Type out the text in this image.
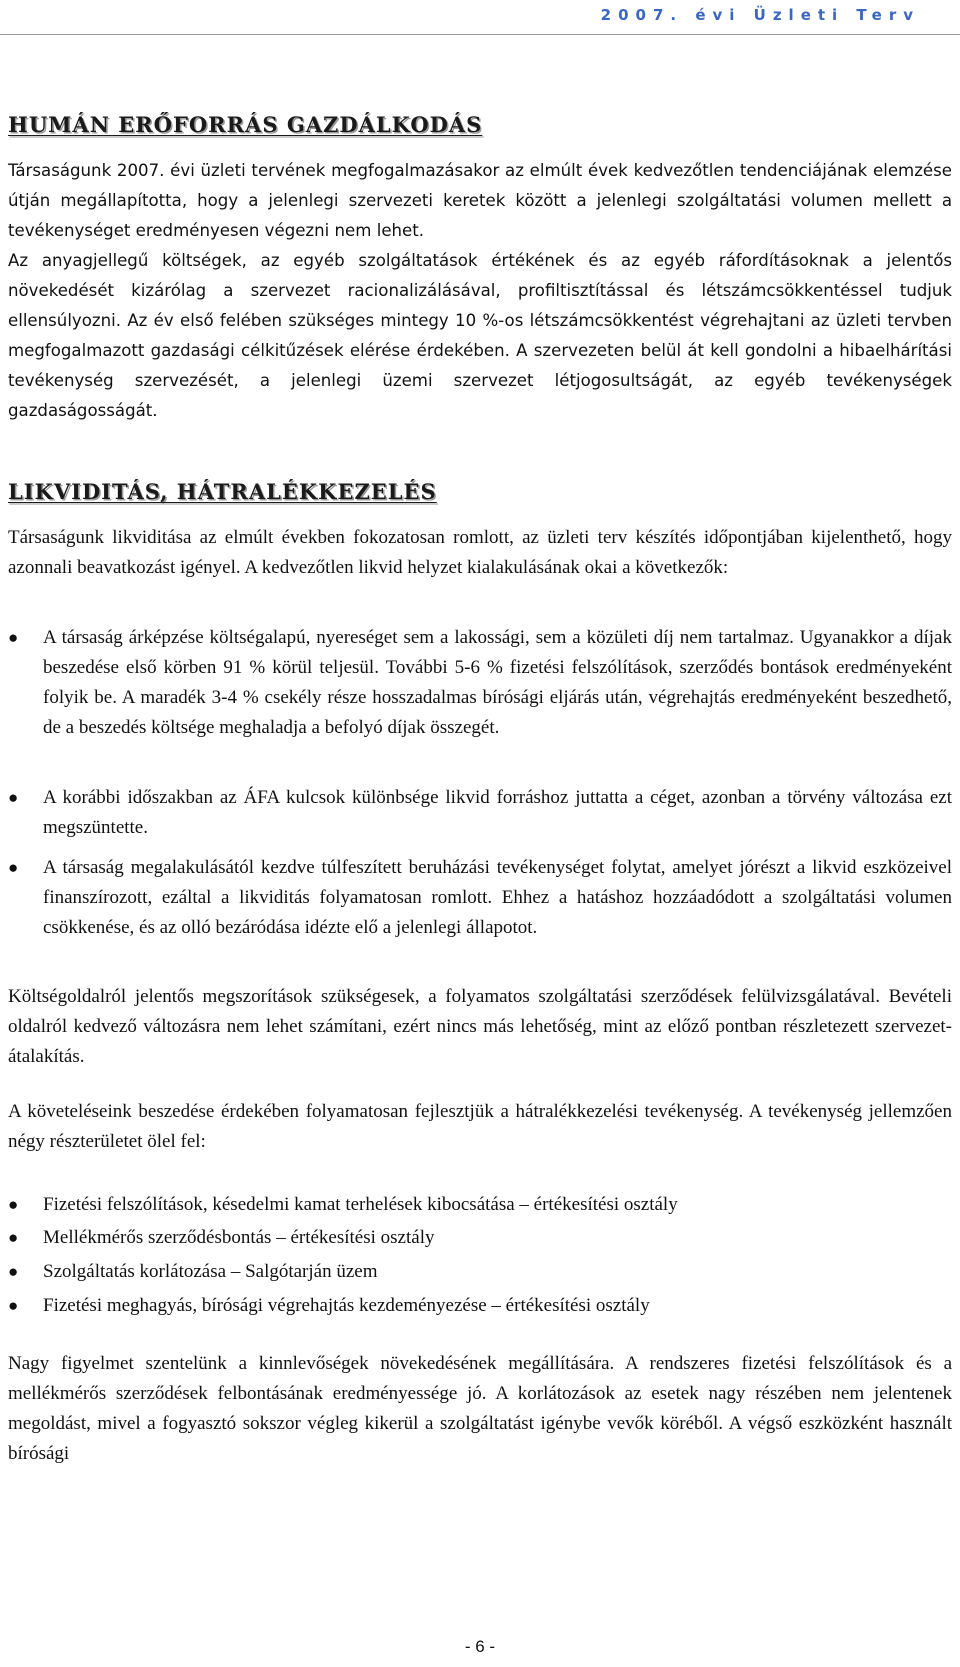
2007. évi Üzleti Terv
HUMÁN ERŐFORRÁS GAZDÁLKODÁS

Társaságunk 2007. évi üzleti tervének megfogalmazásakor az elmúlt évek kedvezőtlen tendenciájának elemzése útján megállapította, hogy a jelenlegi szervezeti keretek között a jelenlegi szolgáltatási volumen mellett a tevékenységet eredményesen végezni nem lehet.

Az anyagjellegű költségek, az egyéb szolgáltatások értékének és az egyéb ráfordításoknak a jelentős növekedését kizárólag a szervezet racionalizálásával, profiltisztítással és létszámcsökkentéssel tudjuk ellensúlyozni. Az év első felében szükséges mintegy 10 %-os létszámcsökkentést végrehajtani az üzleti tervben megfogalmazott gazdasági célkitűzések elérése érdekében. A szervezeten belül át kell gondolni a hibaelhárítási tevékenység szervezését, a jelenlegi üzemi szervezet létjogosultságát, az egyéb tevékenységek gazdaságosságát.

LIKVIDITÁS, HÁTRALÉKKEZELÉS

Társaságunk likviditása az elmúlt években fokozatosan romlott, az üzleti terv készítés időpontjában kijelenthető, hogy azonnali beavatkozást igényel. A kedvezőtlen likvid helyzet kialakulásának okai a következők:

● A társaság árképzése költségalapú, nyereséget sem a lakossági, sem a közületi díj nem tartalmaz. Ugyanakkor a díjak beszedése első körben 91 % körül teljesül. További 5-6 % fizetési felszólítások, szerződés bontások eredményeként folyik be. A maradék 3-4 % csekély része hosszadalmas bírósági eljárás után, végrehajtás eredményeként beszedhető, de a beszedés költsége meghaladja a befolyó díjak összegét.
● A korábbi időszakban az ÁFA kulcsok különbsége likvid forráshoz juttatta a céget, azonban a törvény változása ezt megszüntette.
● A társaság megalakulásától kezdve túlfeszített beruházási tevékenységet folytat, amelyet jórészt a likvid eszközeivel finanszírozott, ezáltal a likviditás folyamatosan romlott. Ehhez a hatáshoz hozzáadódott a szolgáltatási volumen csökkenése, és az olló bezáródása idézte elő a jelenlegi állapotot.

Költségoldalról jelentős megszorítások szükségesek, a folyamatos szolgáltatási szerződések felülvizsgálatával. Bevételi oldalról kedvező változásra nem lehet számítani, ezért nincs más lehetőség, mint az előző pontban részletezett szervezet-átalakítás.

A követeléseink beszedése érdekében folyamatosan fejlesztjük a hátralékkezelési tevékenység. A tevékenység jellemzően négy részterületet ölel fel:

● Fizetési felszólítások, késedelmi kamat terhelések kibocsátása – értékesítési osztály
● Mellékmérős szerződésbontás – értékesítési osztály
● Szolgáltatás korlátozása – Salgótarján üzem
● Fizetési meghagyás, bírósági végrehajtás kezdeményezése – értékesítési osztály

Nagy figyelmet szentelünk a kinnlevőségek növekedésének megállítására. A rendszeres fizetési felszólítások és a mellékmérős szerződések felbontásának eredményessége jó. A korlátozások az esetek nagy részében nem jelentenek megoldást, mivel a fogyasztó sokszor végleg kikerül a szolgáltatást igénybe vevők köréből. A végső eszközként használt bírósági

- 6 -
